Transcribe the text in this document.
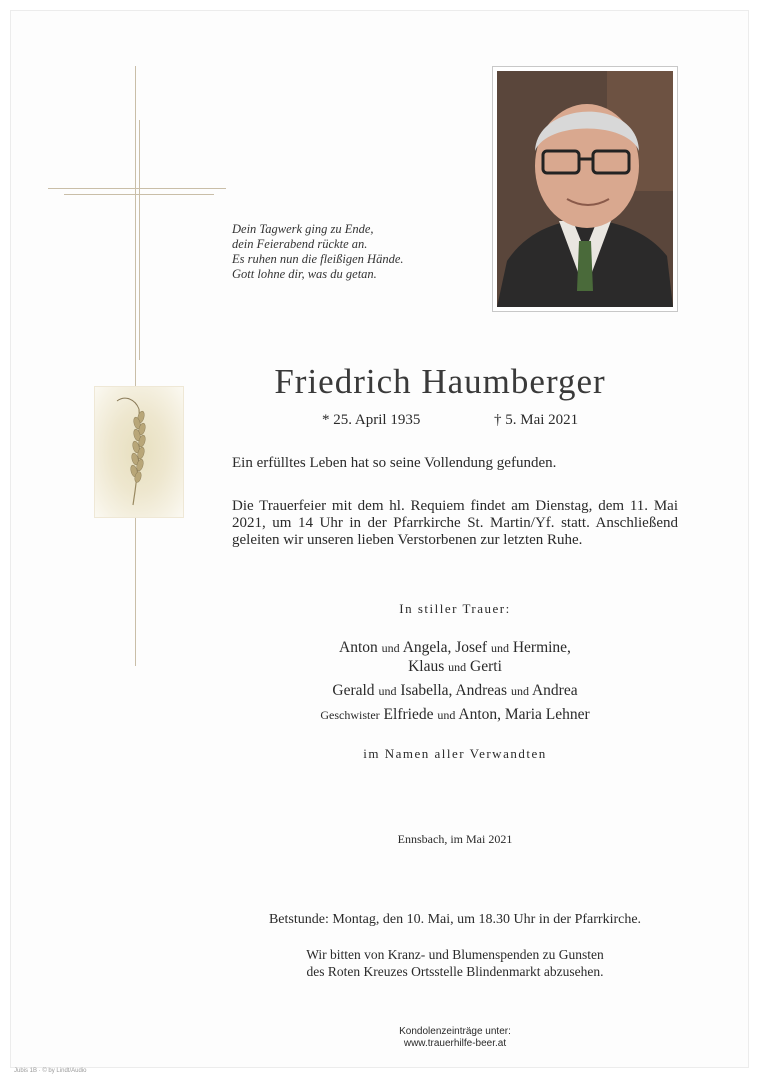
Dein Tagwerk ging zu Ende,
dein Feierabend rückte an.
Es ruhen nun die fleißigen Hände.
Gott lohne dir, was du getan.
Friedrich Haumberger
* 25. April 1935	† 5. Mai 2021
Ein erfülltes Leben hat so seine Vollendung gefunden.
Die Trauerfeier mit dem hl. Requiem findet am Dienstag, dem 11. Mai 2021, um 14 Uhr in der Pfarrkirche St. Martin/Yf. statt. Anschließend geleiten wir unseren lieben Verstorbenen zur letzten Ruhe.
In stiller Trauer:
Anton und Angela, Josef und Hermine,
Klaus und Gerti
Gerald und Isabella, Andreas und Andrea
Geschwister Elfriede und Anton, Maria Lehner
im Namen aller Verwandten
Ennsbach, im Mai 2021
Betstunde: Montag, den 10. Mai, um 18.30 Uhr in der Pfarrkirche.
Wir bitten von Kranz- und Blumenspenden zu Gunsten
des Roten Kreuzes Ortsstelle Blindenmarkt abzusehen.
Kondolenzeinträge unter:
www.trauerhilfe-beer.at
Jubis 1B · © by Lindt/Audio
